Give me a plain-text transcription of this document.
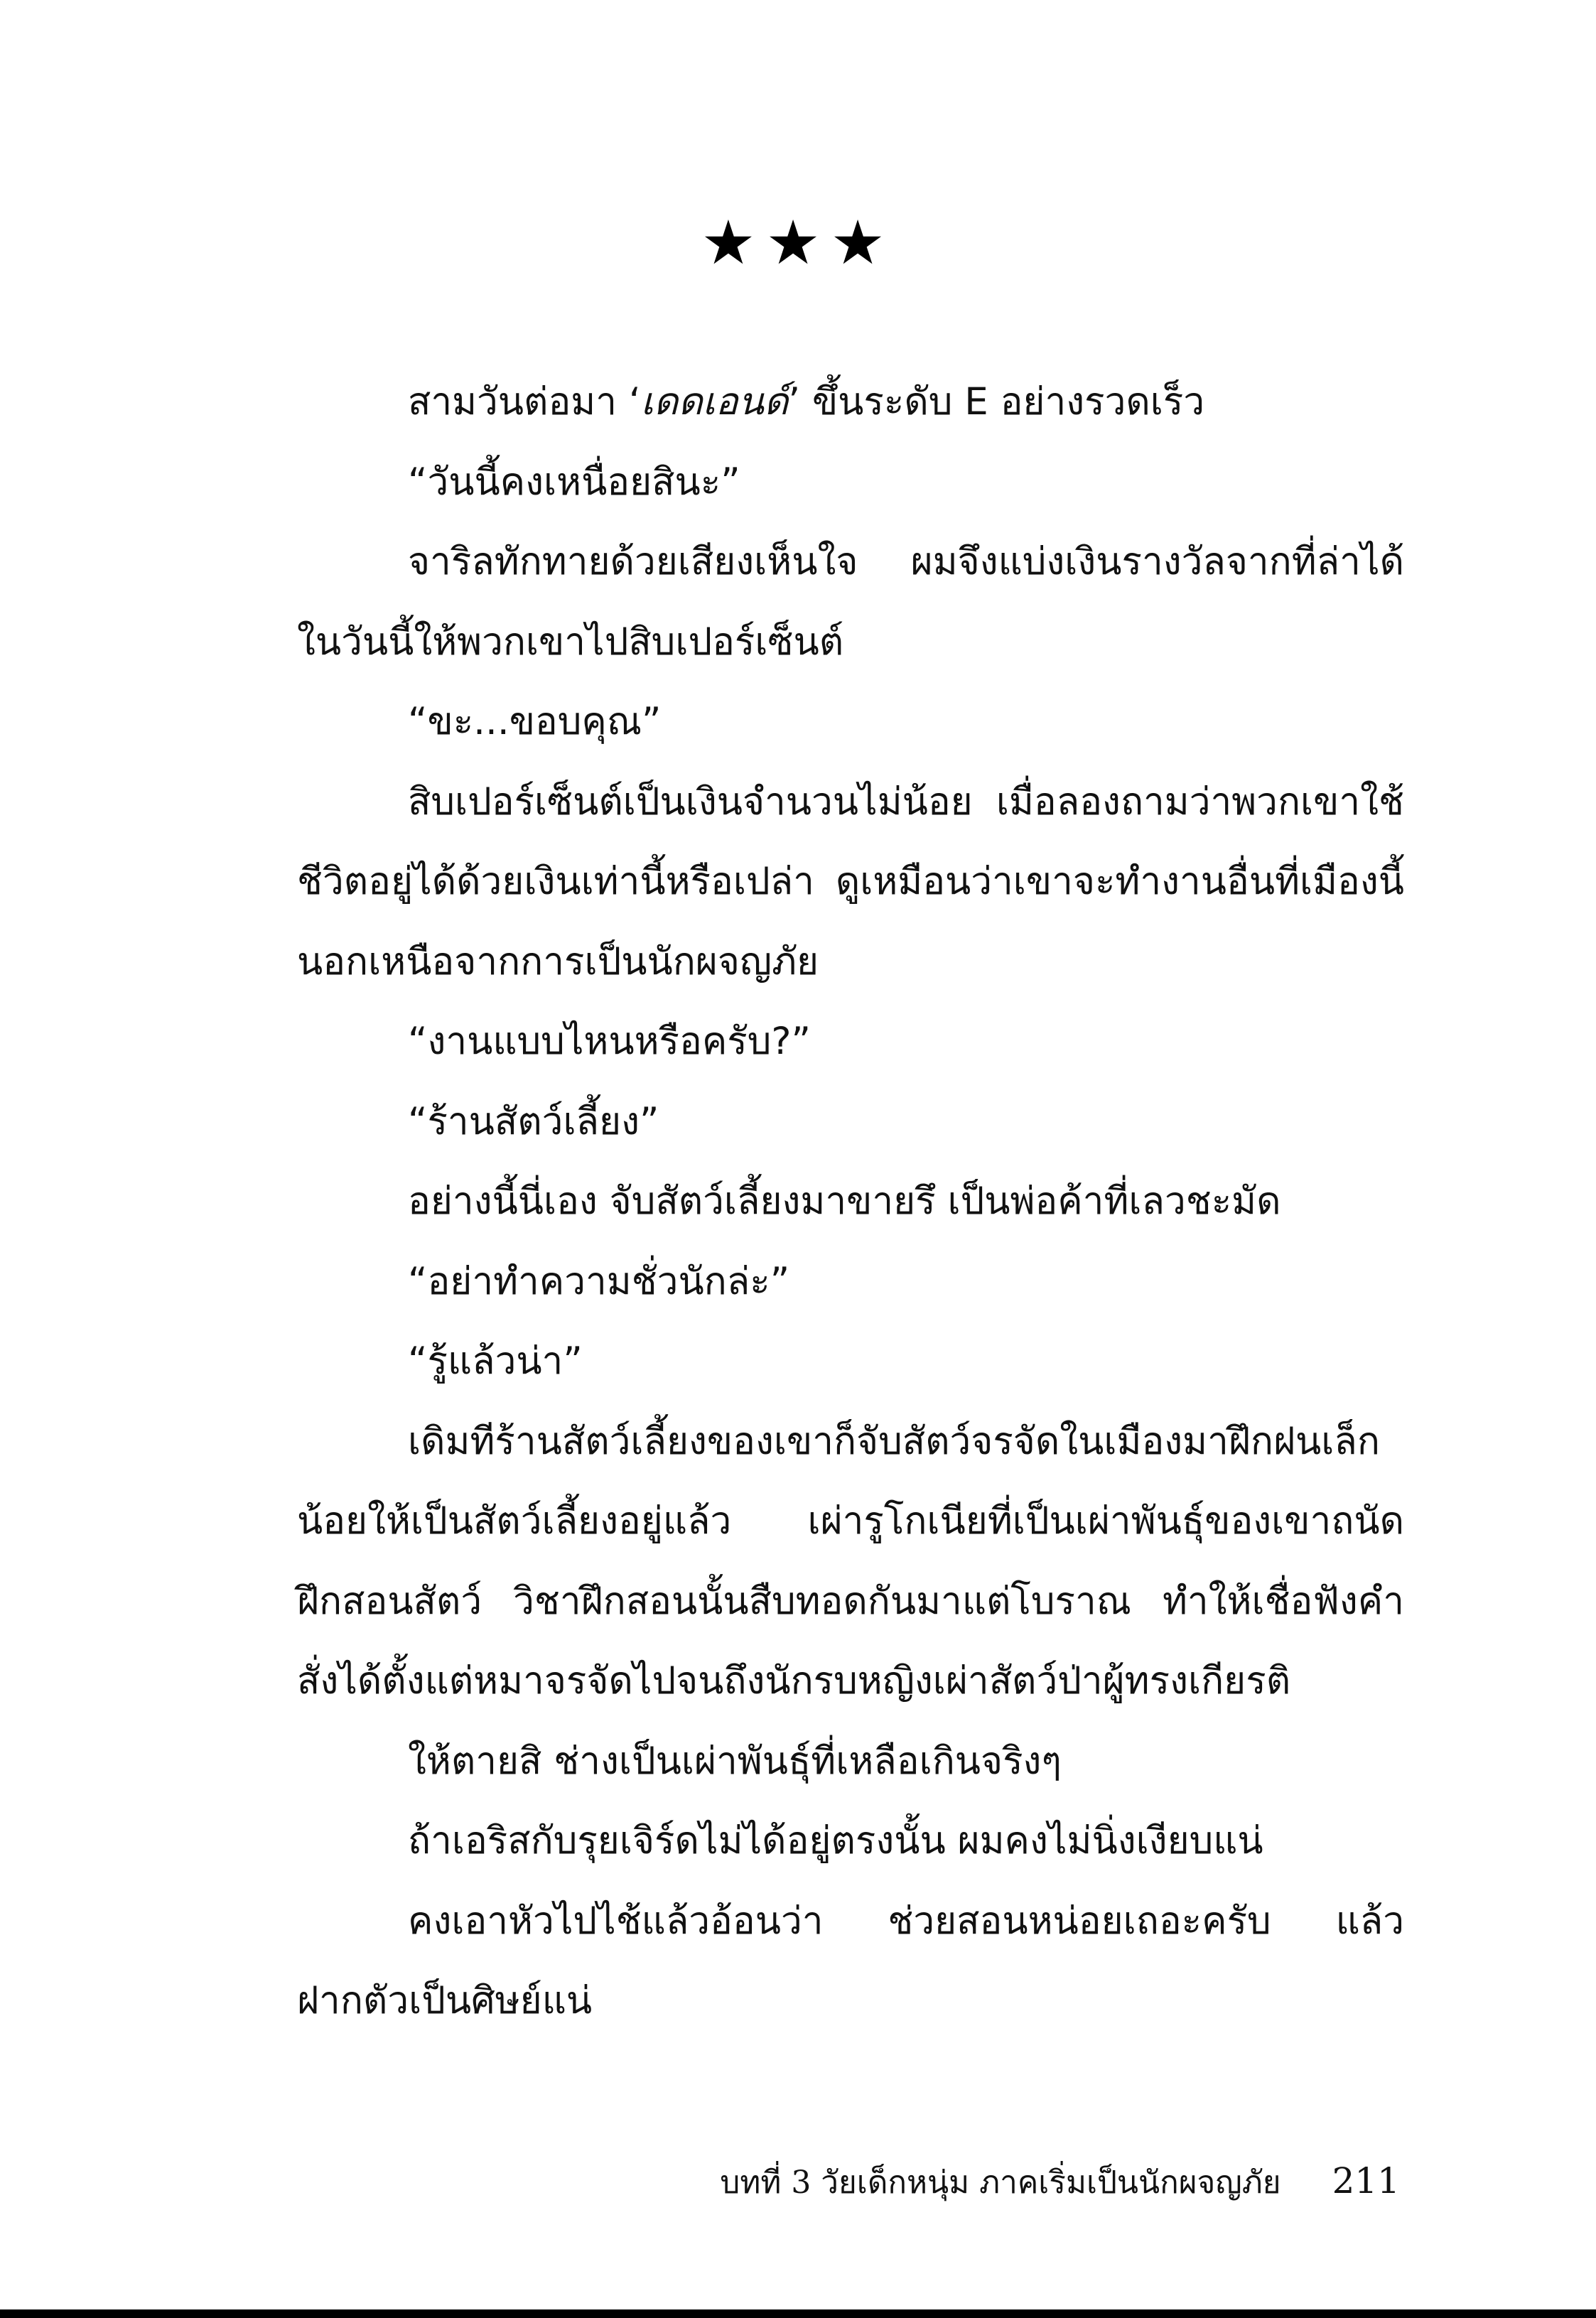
★★★

สามวันต่อมา ‘เดดเอนด์’ ขึ้นระดับ E อย่างรวดเร็ว

“วันนี้คงเหนื่อยสินะ”

จาริลทักทายด้วยเสียงเห็นใจ ผมจึงแบ่งเงินรางวัลจากที่ล่าได้ในวันนี้ให้พวกเขาไปสิบเปอร์เซ็นต์

“ขะ...ขอบคุณ”

สิบเปอร์เซ็นต์เป็นเงินจำนวนไม่น้อย เมื่อลองถามว่าพวกเขาใช้ชีวิตอยู่ได้ด้วยเงินเท่านี้หรือเปล่า ดูเหมือนว่าเขาจะทำงานอื่นที่เมืองนี้นอกเหนือจากการเป็นนักผจญภัย

“งานแบบไหนหรือครับ?”

“ร้านสัตว์เลี้ยง”

อย่างนี้นี่เอง จับสัตว์เลี้ยงมาขายรึ เป็นพ่อค้าที่เลวชะมัด

“อย่าทำความชั่วนักล่ะ”

“รู้แล้วน่า”

เดิมทีร้านสัตว์เลี้ยงของเขาก็จับสัตว์จรจัดในเมืองมาฝึกฝนเล็กน้อยให้เป็นสัตว์เลี้ยงอยู่แล้ว เผ่ารูโกเนียที่เป็นเผ่าพันธุ์ของเขาถนัดฝึกสอนสัตว์ วิชาฝึกสอนนั้นสืบทอดกันมาแต่โบราณ ทำให้เชื่อฟังคำสั่งได้ตั้งแต่หมาจรจัดไปจนถึงนักรบหญิงเผ่าสัตว์ป่าผู้ทรงเกียรติ

ให้ตายสิ ช่างเป็นเผ่าพันธุ์ที่เหลือเกินจริงๆ

ถ้าเอริสกับรุยเจิร์ดไม่ได้อยู่ตรงนั้น ผมคงไม่นิ่งเงียบแน่

คงเอาหัวไปไช้แล้วอ้อนว่า ช่วยสอนหน่อยเถอะครับ แล้วฝากตัวเป็นศิษย์แน่

บทที่ 3 วัยเด็กหนุ่ม ภาคเริ่มเป็นนักผจญภัย 211
